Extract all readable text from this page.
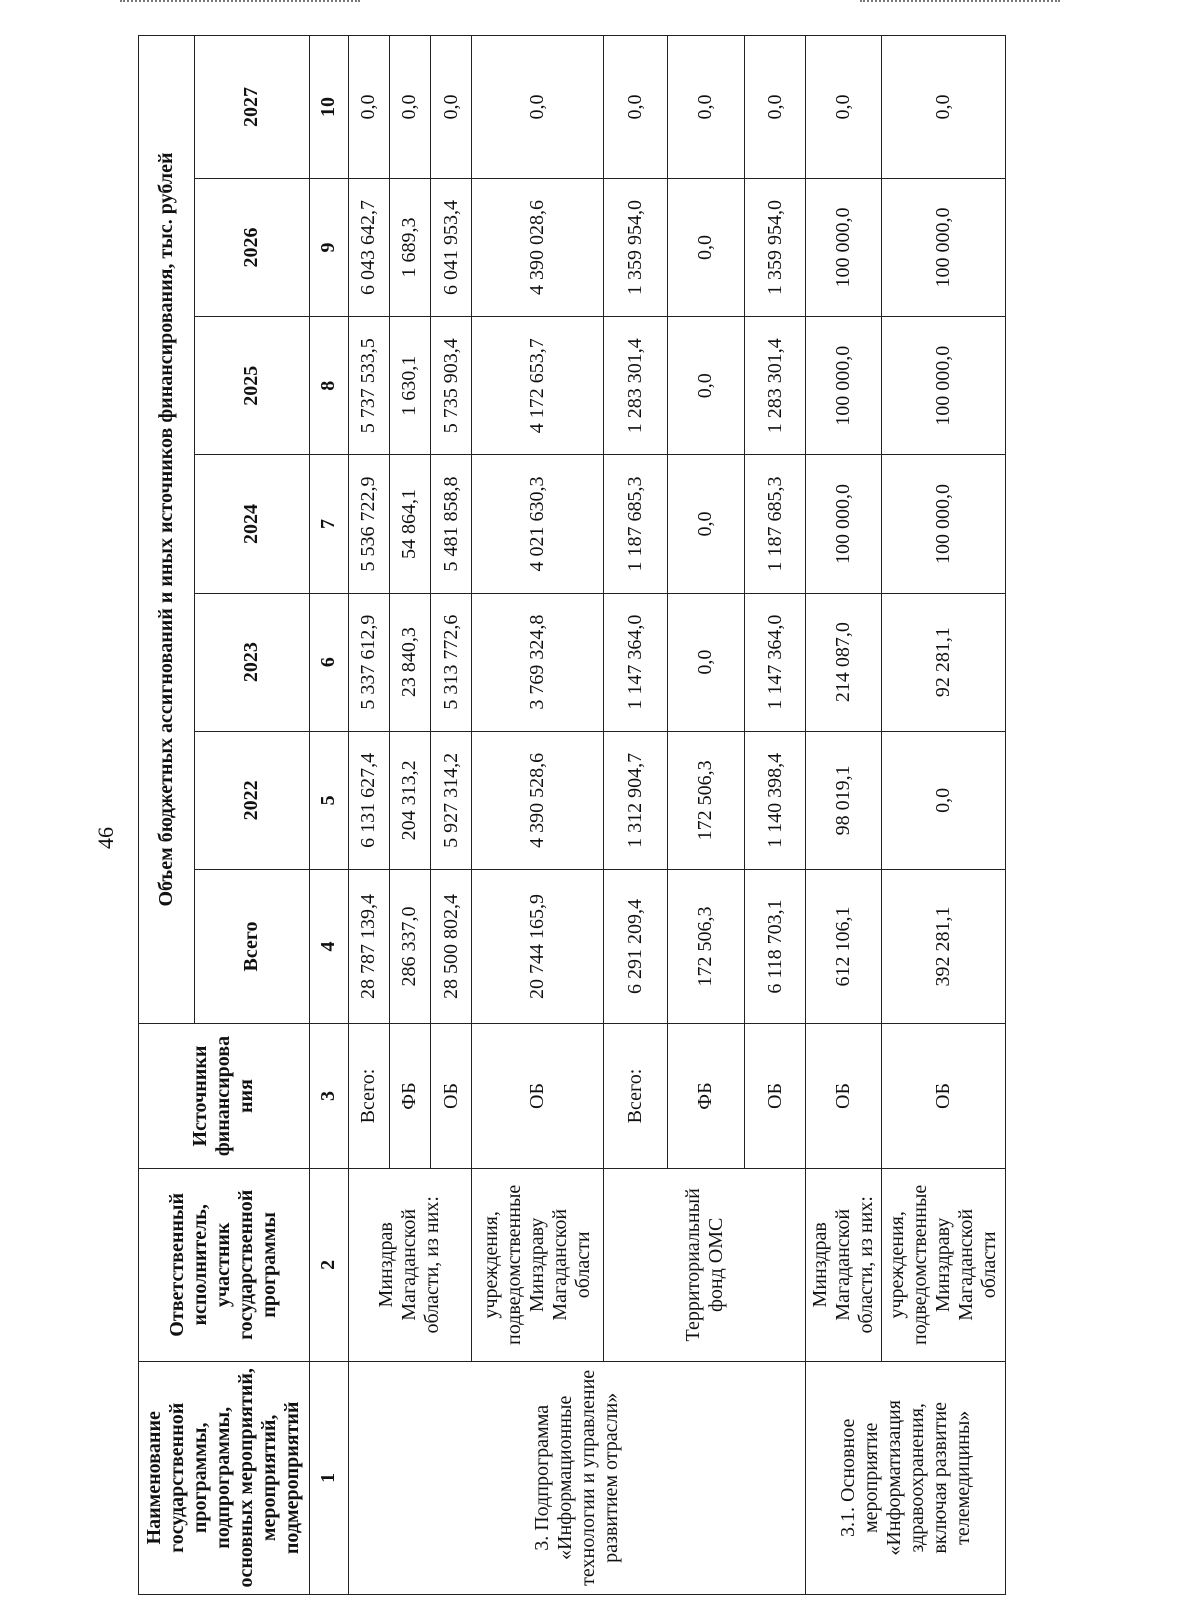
46
Наименование государственной программы, подпрограммы, основных мероприятий, мероприятий, подмероприятий	Ответственный исполнитель, участник государственной программы	Источники финансирова ния	Объем бюджетных ассигнований и иных источников финансирования, тыс. рублей						
			Всего	2022	2023	2024	2025	2026	2027
1	2	3	4	5	6	7	8	9	10
3. Подпрограмма «Информационные технологии и управление развитием отрасли»	Минздрав Магаданской области, из них:	Всего:	28 787 139,4	6 131 627,4	5 337 612,9	5 536 722,9	5 737 533,5	6 043 642,7	0,0
		ФБ	286 337,0	204 313,2	23 840,3	54 864,1	1 630,1	1 689,3	0,0
		ОБ	28 500 802,4	5 927 314,2	5 313 772,6	5 481 858,8	5 735 903,4	6 041 953,4	0,0
	учреждения, подведомственные Минздраву Магаданской области	ОБ	20 744 165,9	4 390 528,6	3 769 324,8	4 021 630,3	4 172 653,7	4 390 028,6	0,0
	Территориальный фонд ОМС	Всего:	6 291 209,4	1 312 904,7	1 147 364,0	1 187 685,3	1 283 301,4	1 359 954,0	0,0
		ФБ	172 506,3	172 506,3	0,0	0,0	0,0	0,0	0,0
		ОБ	6 118 703,1	1 140 398,4	1 147 364,0	1 187 685,3	1 283 301,4	1 359 954,0	0,0
3.1. Основное мероприятие «Информатизация здравоохранения, включая развитие телемедицины»	Минздрав Магаданской области, из них:	ОБ	612 106,1	98 019,1	214 087,0	100 000,0	100 000,0	100 000,0	0,0
	учреждения, подведомственные Минздраву Магаданской области	ОБ	392 281,1	0,0	92 281,1	100 000,0	100 000,0	100 000,0	0,0
